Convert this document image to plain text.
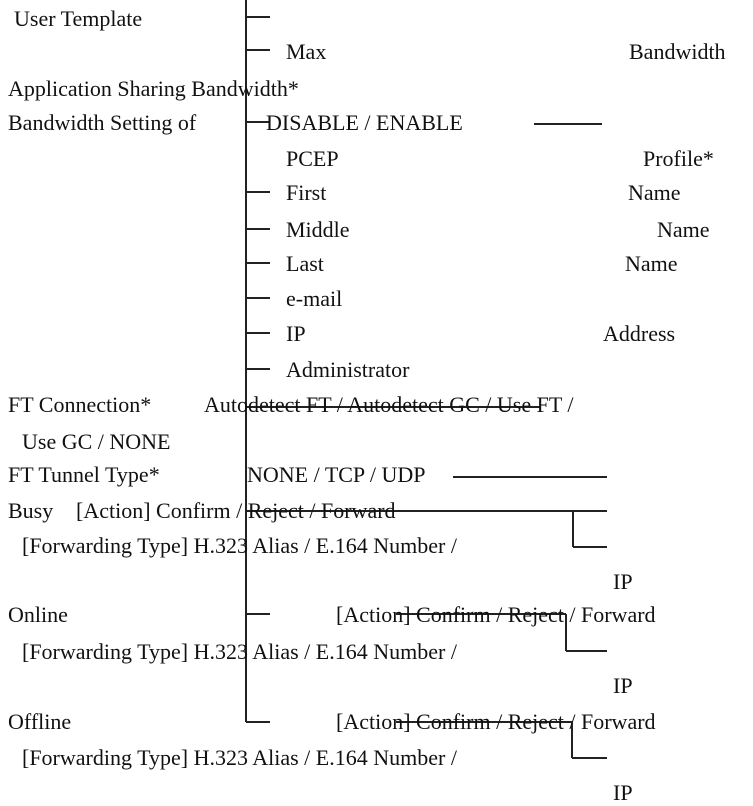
User Template
Max	Bandwidth
Application Sharing Bandwidth*
Bandwidth Setting of	DISABLE / ENABLE
PCEP	Profile*
First	Name
Middle	Name
Last	Name
e-mail
IP	Address
Administrator
FT Connection* Autodetect FT / Autodetect GC / Use FT /
Use GC / NONE
FT Tunnel Type*	NONE / TCP / UDP
Busy [Action] Confirm / Reject / Forward
[Forwarding Type] H.323 Alias / E.164 Number /
IP
Online	[Action] Confirm / Reject / Forward
[Forwarding Type] H.323 Alias / E.164 Number /
IP
Offline	[Action] Confirm / Reject / Forward
[Forwarding Type] H.323 Alias / E.164 Number /
IP
